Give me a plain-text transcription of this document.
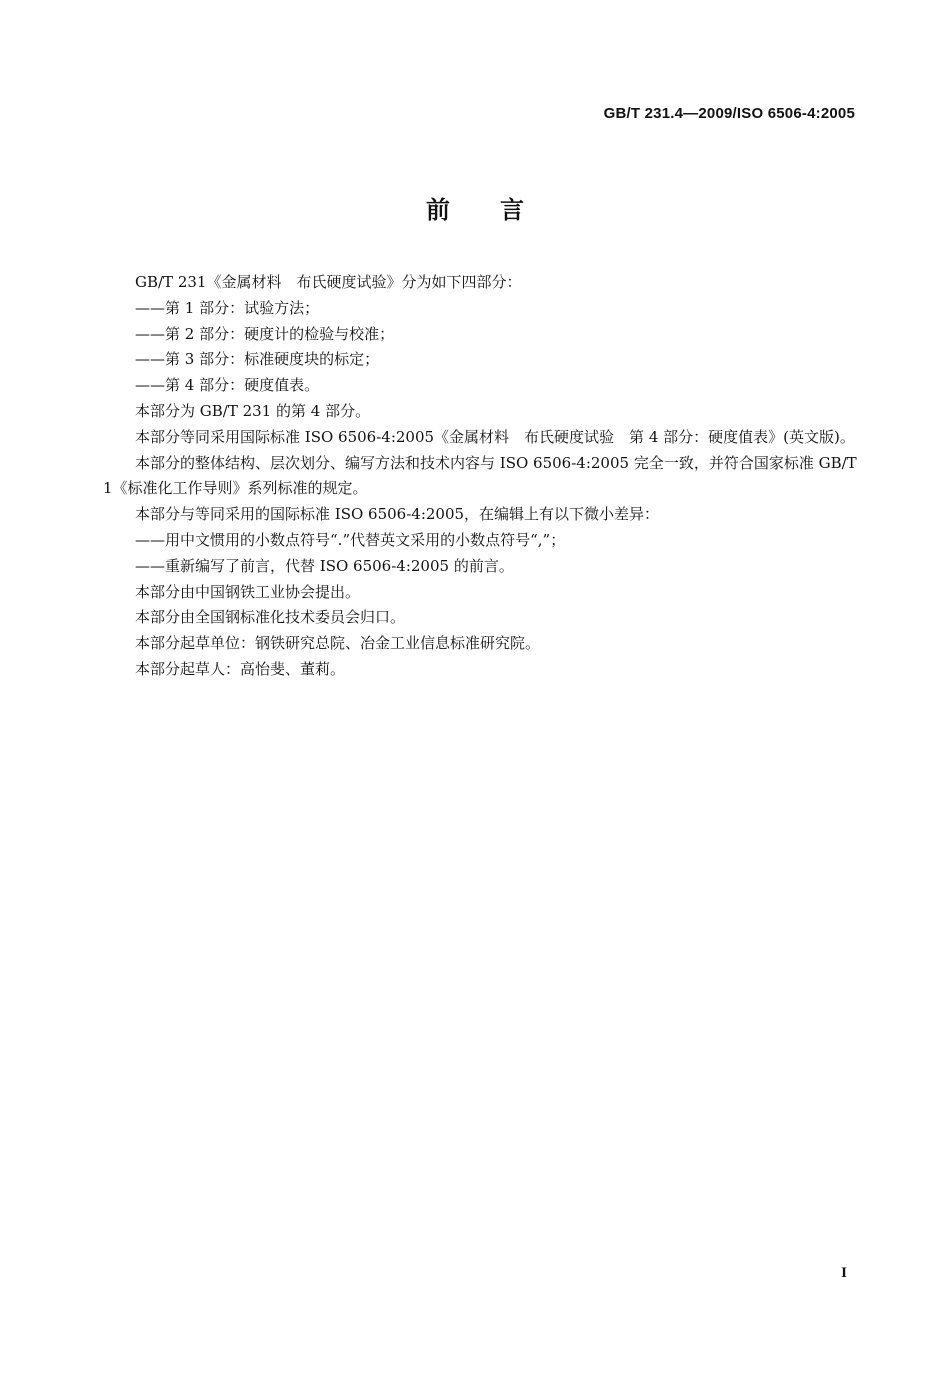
GB/T 231.4—2009/ISO 6506-4:2005
前言

GB/T 231《金属材料　布氏硬度试验》分为如下四部分：

——第 1 部分：试验方法；

——第 2 部分：硬度计的检验与校准；

——第 3 部分：标准硬度块的标定；

——第 4 部分：硬度值表。

本部分为 GB/T 231 的第 4 部分。

本部分等同采用国际标准 ISO 6506-4:2005《金属材料　布氏硬度试验　第 4 部分：硬度值表》(英文版)。

本部分的整体结构、层次划分、编写方法和技术内容与 ISO 6506-4:2005 完全一致，并符合国家标准 GB/T 1《标准化工作导则》系列标准的规定。

本部分与等同采用的国际标准 ISO 6506-4:2005，在编辑上有以下微小差异：

——用中文惯用的小数点符号“.”代替英文采用的小数点符号“,”；

——重新编写了前言，代替 ISO 6506-4:2005 的前言。

本部分由中国钢铁工业协会提出。

本部分由全国钢标准化技术委员会归口。

本部分起草单位：钢铁研究总院、冶金工业信息标准研究院。

本部分起草人：高怡斐、董莉。

I
